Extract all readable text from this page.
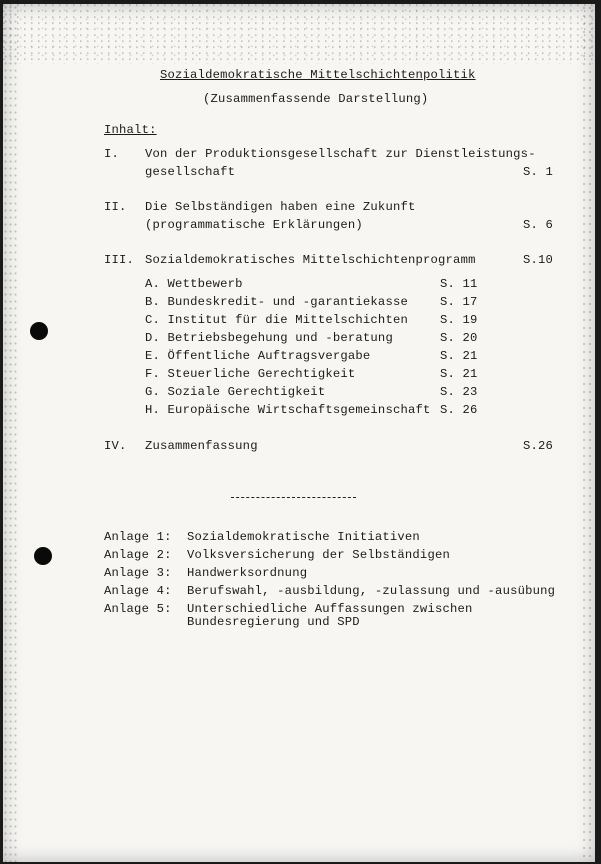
Sozialdemokratische Mittelschichtenpolitik
(Zusammenfassende Darstellung)
Inhalt:
I. Von der Produktionsgesellschaft zur Dienstleistungs-
gesellschaft	S. 1
II. Die Selbständigen haben eine Zukunft
(programmatische Erklärungen)	S. 6
III. Sozialdemokratisches Mittelschichtenprogramm	S.10
A. Wettbewerb	S. 11
B. Bundeskredit- und -garantiekasse	S. 17
C. Institut für die Mittelschichten	S. 19
D. Betriebsbegehung und -beratung	S. 20
E. Öffentliche Auftragsvergabe	S. 21
F. Steuerliche Gerechtigkeit	S. 21
G. Soziale Gerechtigkeit	S. 23
H. Europäische Wirtschaftsgemeinschaft S. 26
IV. Zusammenfassung	S.26
Anlage 1: Sozialdemokratische Initiativen
Anlage 2: Volksversicherung der Selbständigen
Anlage 3: Handwerksordnung
Anlage 4: Berufswahl, -ausbildung, -zulassung und -ausübung
Anlage 5: Unterschiedliche Auffassungen zwischen
Bundesregierung und SPD
